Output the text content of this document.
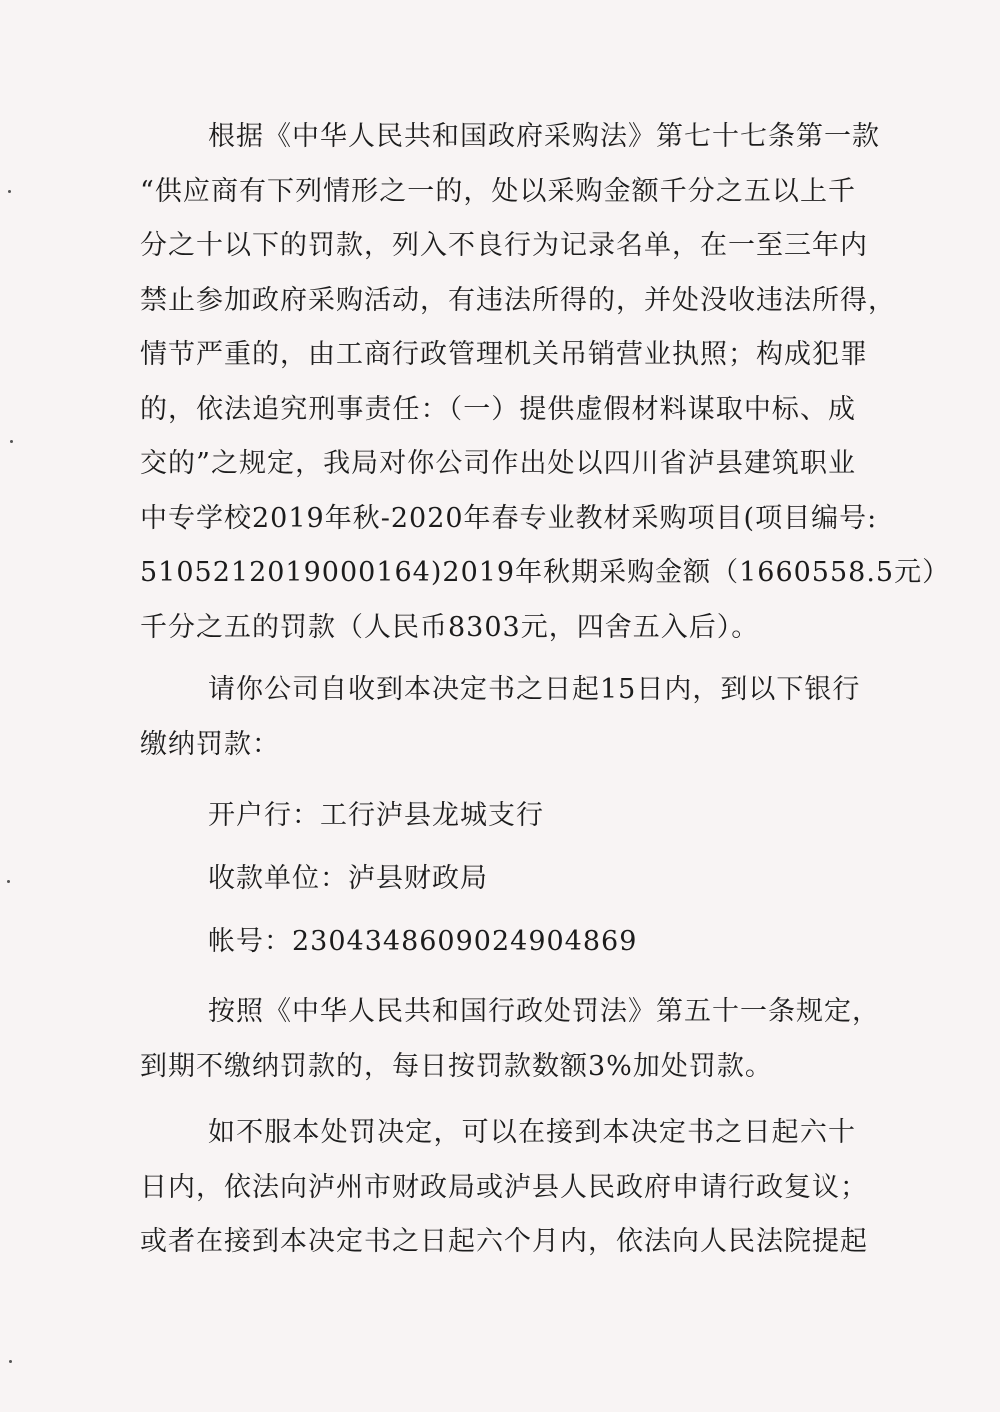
根据《中华人民共和国政府采购法》第七十七条第一款
“供应商有下列情形之一的，处以采购金额千分之五以上千
分之十以下的罚款，列入不良行为记录名单，在一至三年内
禁止参加政府采购活动，有违法所得的，并处没收违法所得，
情节严重的，由工商行政管理机关吊销营业执照；构成犯罪
的，依法追究刑事责任：（一）提供虚假材料谋取中标、成
交的”之规定，我局对你公司作出处以四川省泸县建筑职业
中专学校2019年秋-2020年春专业教材采购项目(项目编号:
510521201900016​4)2019年秋期采购金额（1660558.5元）
千分之五的罚款（人民币8303元，四舍五入后）。
请你公司自收到本决定书之日起15日内，到以下银行
缴纳罚款：
开户行：工行泸县龙城支行
收款单位：泸县财政局
帐号：2304348609024904869
按照《中华人民共和国行政处罚法》第五十一条规定，
到期不缴纳罚款的，每日按罚款数额3%加处罚款。
如不服本处罚决定，可以在接到本决定书之日起六十
日内，依法向泸州市财政局或泸县人民政府申请行政复议；
或者在接到本决定书之日起六个月内，依法向人民法院提起
